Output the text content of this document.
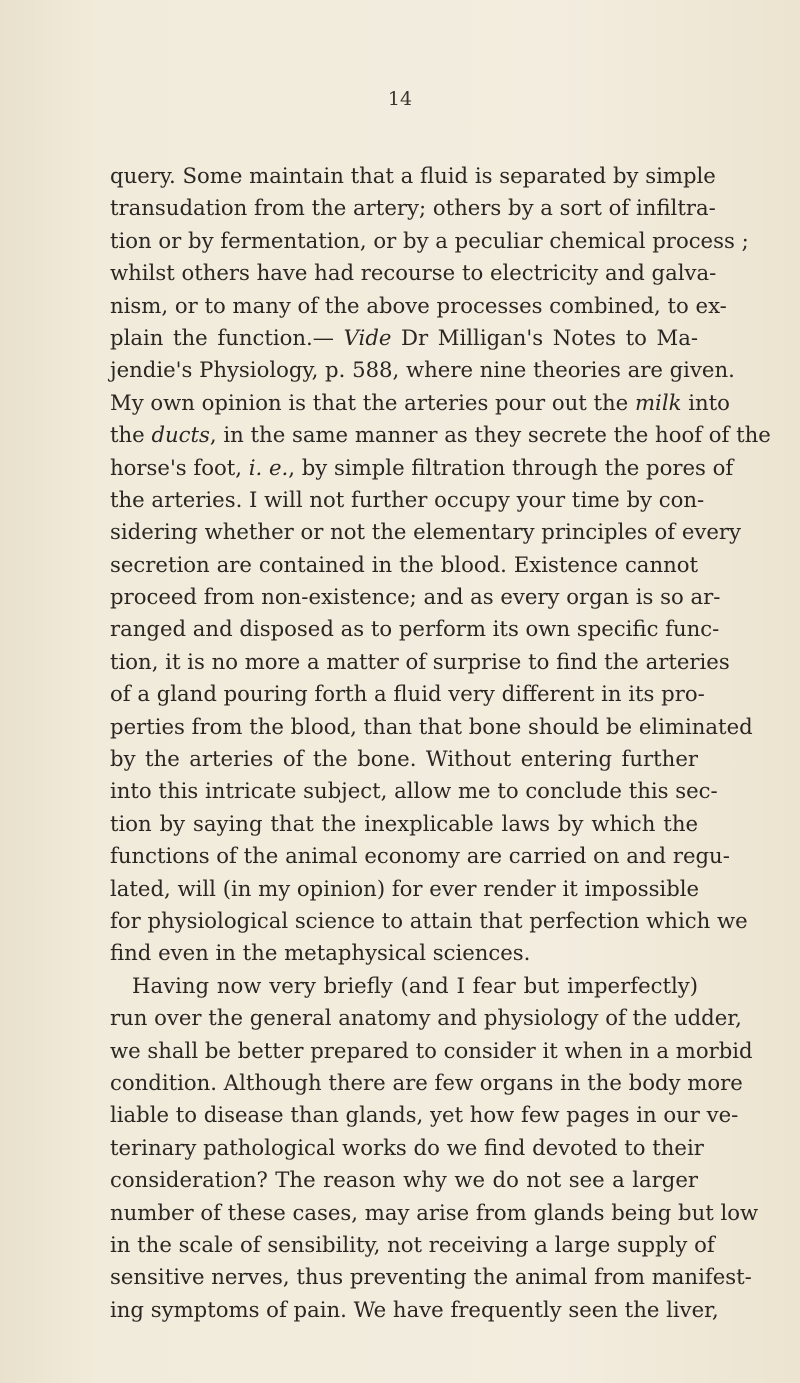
14
query. Some maintain that a fluid is separated by simple
transudation from the artery; others by a sort of infiltra-
tion or by fermentation, or by a peculiar chemical process ;
whilst others have had recourse to electricity and galva-
nism, or to many of the above processes combined, to ex-
plain the function.— Vide Dr Milligan's Notes to Ma-
jendie's Physiology, p. 588, where nine theories are given.
My own opinion is that the arteries pour out the milk into
the ducts, in the same manner as they secrete the hoof of the
horse's foot, i. e., by simple filtration through the pores of
the arteries. I will not further occupy your time by con-
sidering whether or not the elementary principles of every
secretion are contained in the blood. Existence cannot
proceed from non-existence; and as every organ is so ar-
ranged and disposed as to perform its own specific func-
tion, it is no more a matter of surprise to find the arteries
of a gland pouring forth a fluid very different in its pro-
perties from the blood, than that bone should be eliminated
by the arteries of the bone. Without entering further
into this intricate subject, allow me to conclude this sec-
tion by saying that the inexplicable laws by which the
functions of the animal economy are carried on and regu-
lated, will (in my opinion) for ever render it impossible
for physiological science to attain that perfection which we
find even in the metaphysical sciences.
Having now very briefly (and I fear but imperfectly)
run over the general anatomy and physiology of the udder,
we shall be better prepared to consider it when in a morbid
condition. Although there are few organs in the body more
liable to disease than glands, yet how few pages in our ve-
terinary pathological works do we find devoted to their
consideration? The reason why we do not see a larger
number of these cases, may arise from glands being but low
in the scale of sensibility, not receiving a large supply of
sensitive nerves, thus preventing the animal from manifest-
ing symptoms of pain. We have frequently seen the liver,
